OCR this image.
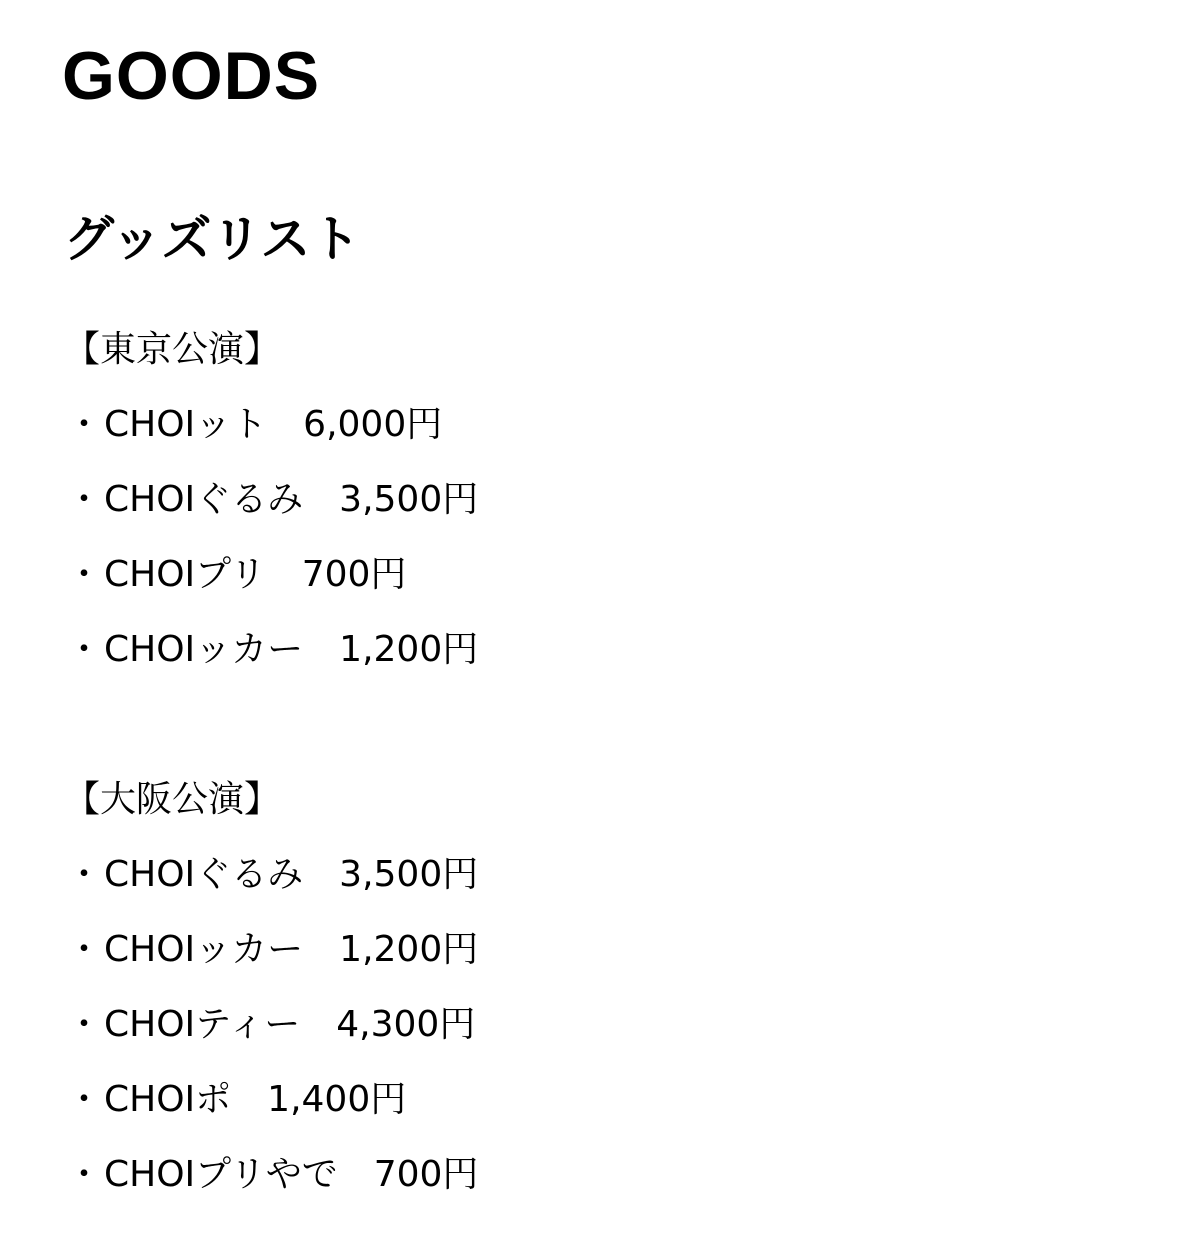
GOODS
グッズリスト

【東京公演】

・CHOIット　6,000円
・CHOIぐるみ　3,500円
・CHOIプリ　700円
・CHOIッカー　1,200円

【大阪公演】

・CHOIぐるみ　3,500円
・CHOIッカー　1,200円
・CHOIティー　4,300円
・CHOIポ　1,400円
・CHOIプリやで　700円
